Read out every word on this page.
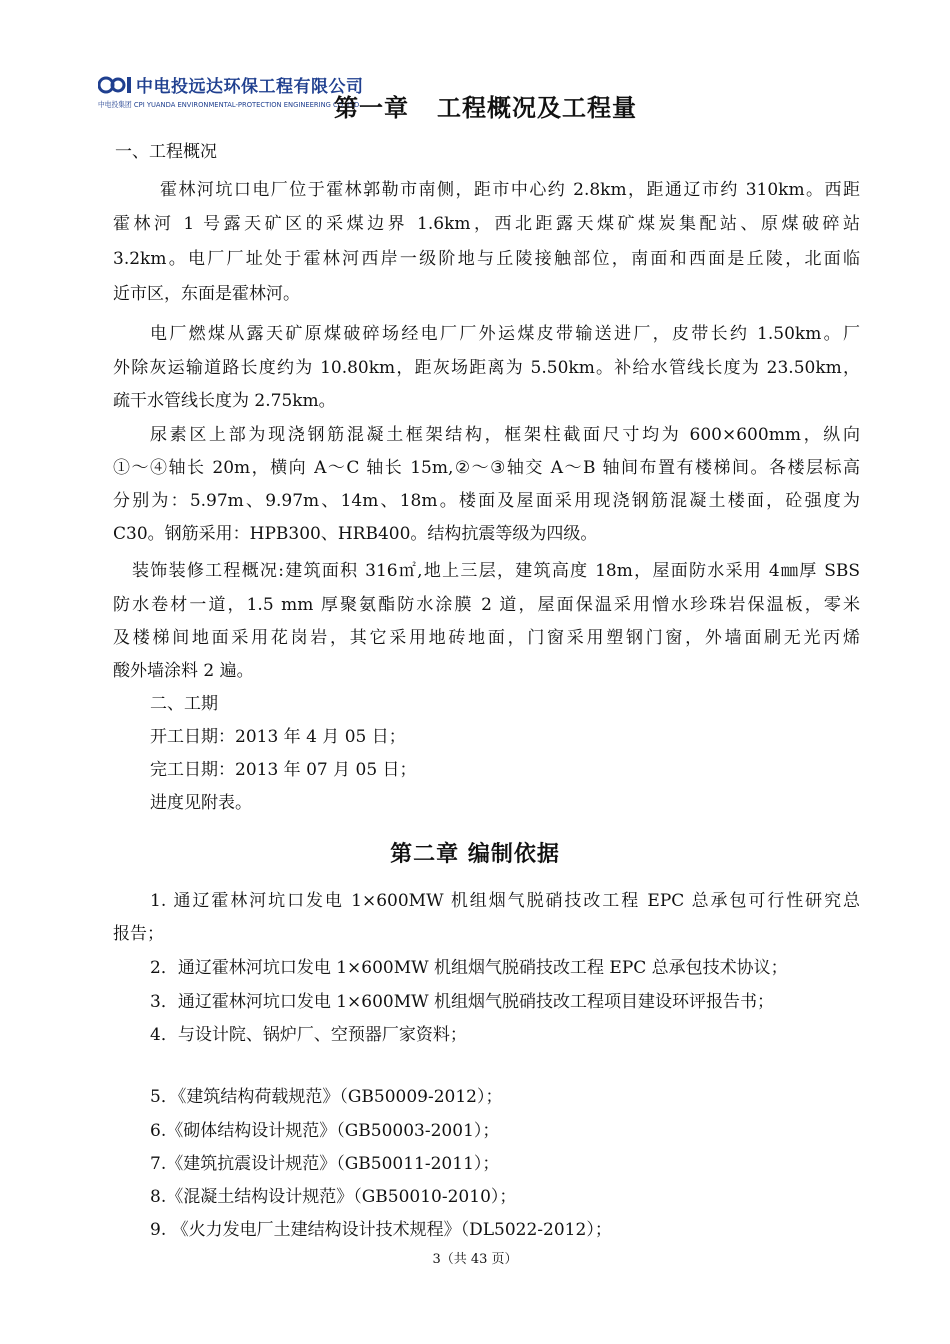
中电投远达环保工程有限公司
中电投集团 CPI YUANDA ENVIRONMENTAL-PROTECTION ENGINEERING CO.,LTD.
第一章 工程概况及工程量
一、工程概况
霍林河坑口电厂位于霍林郭勒市南侧，距市中心约 2.8km，距通辽市约 310km。西距
霍林河 1 号露天矿区的采煤边界 1.6km，西北距露天煤矿煤炭集配站、原煤破碎站
3.2km。电厂厂址处于霍林河西岸一级阶地与丘陵接触部位，南面和西面是丘陵，北面临
近市区，东面是霍林河。
电厂燃煤从露天矿原煤破碎场经电厂厂外运煤皮带输送进厂，皮带长约 1.50km。厂
外除灰运输道路长度约为 10.80km，距灰场距离为 5.50km。补给水管线长度为 23.50km，
疏干水管线长度为 2.75km。
尿素区上部为现浇钢筋混凝土框架结构，框架柱截面尺寸均为 600×600mm，纵向
①～④轴长 20m，横向 A～C 轴长 15m,②～③轴交 A～B 轴间布置有楼梯间。各楼层标高
分别为：5.97m、9.97m、14m、18m。楼面及屋面采用现浇钢筋混凝土楼面，砼强度为
C30。钢筋采用：HPB300、HRB400。结构抗震等级为四级。
装饰装修工程概况:建筑面积 316㎡,地上三层，建筑高度 18m，屋面防水采用 4㎜厚 SBS
防水卷材一道，1.5 mm 厚聚氨酯防水涂膜 2 道，屋面保温采用憎水珍珠岩保温板，零米
及楼梯间地面采用花岗岩，其它采用地砖地面，门窗采用塑钢门窗，外墙面刷无光丙烯
酸外墙涂料 2 遍。
二、工期
开工日期：2013 年 4 月 05 日；
完工日期：2013 年 07 月 05 日；
进度见附表。
第二章 编制依据
1. 通辽霍林河坑口发电 1×600MW 机组烟气脱硝技改工程 EPC 总承包可行性研究总
报告；
2．通辽霍林河坑口发电 1×600MW 机组烟气脱硝技改工程 EPC 总承包技术协议；
3．通辽霍林河坑口发电 1×600MW 机组烟气脱硝技改工程项目建设环评报告书；
4．与设计院、锅炉厂、空预器厂家资料；
5．《建筑结构荷载规范》（GB50009-2012）；
6.《砌体结构设计规范》（GB50003-2001）；
7.《建筑抗震设计规范》（GB50011-2011）；
8.《混凝土结构设计规范》（GB50010-2010）；
9. 《火力发电厂土建结构设计技术规程》（DL5022-2012）；
3（共 43 页）
